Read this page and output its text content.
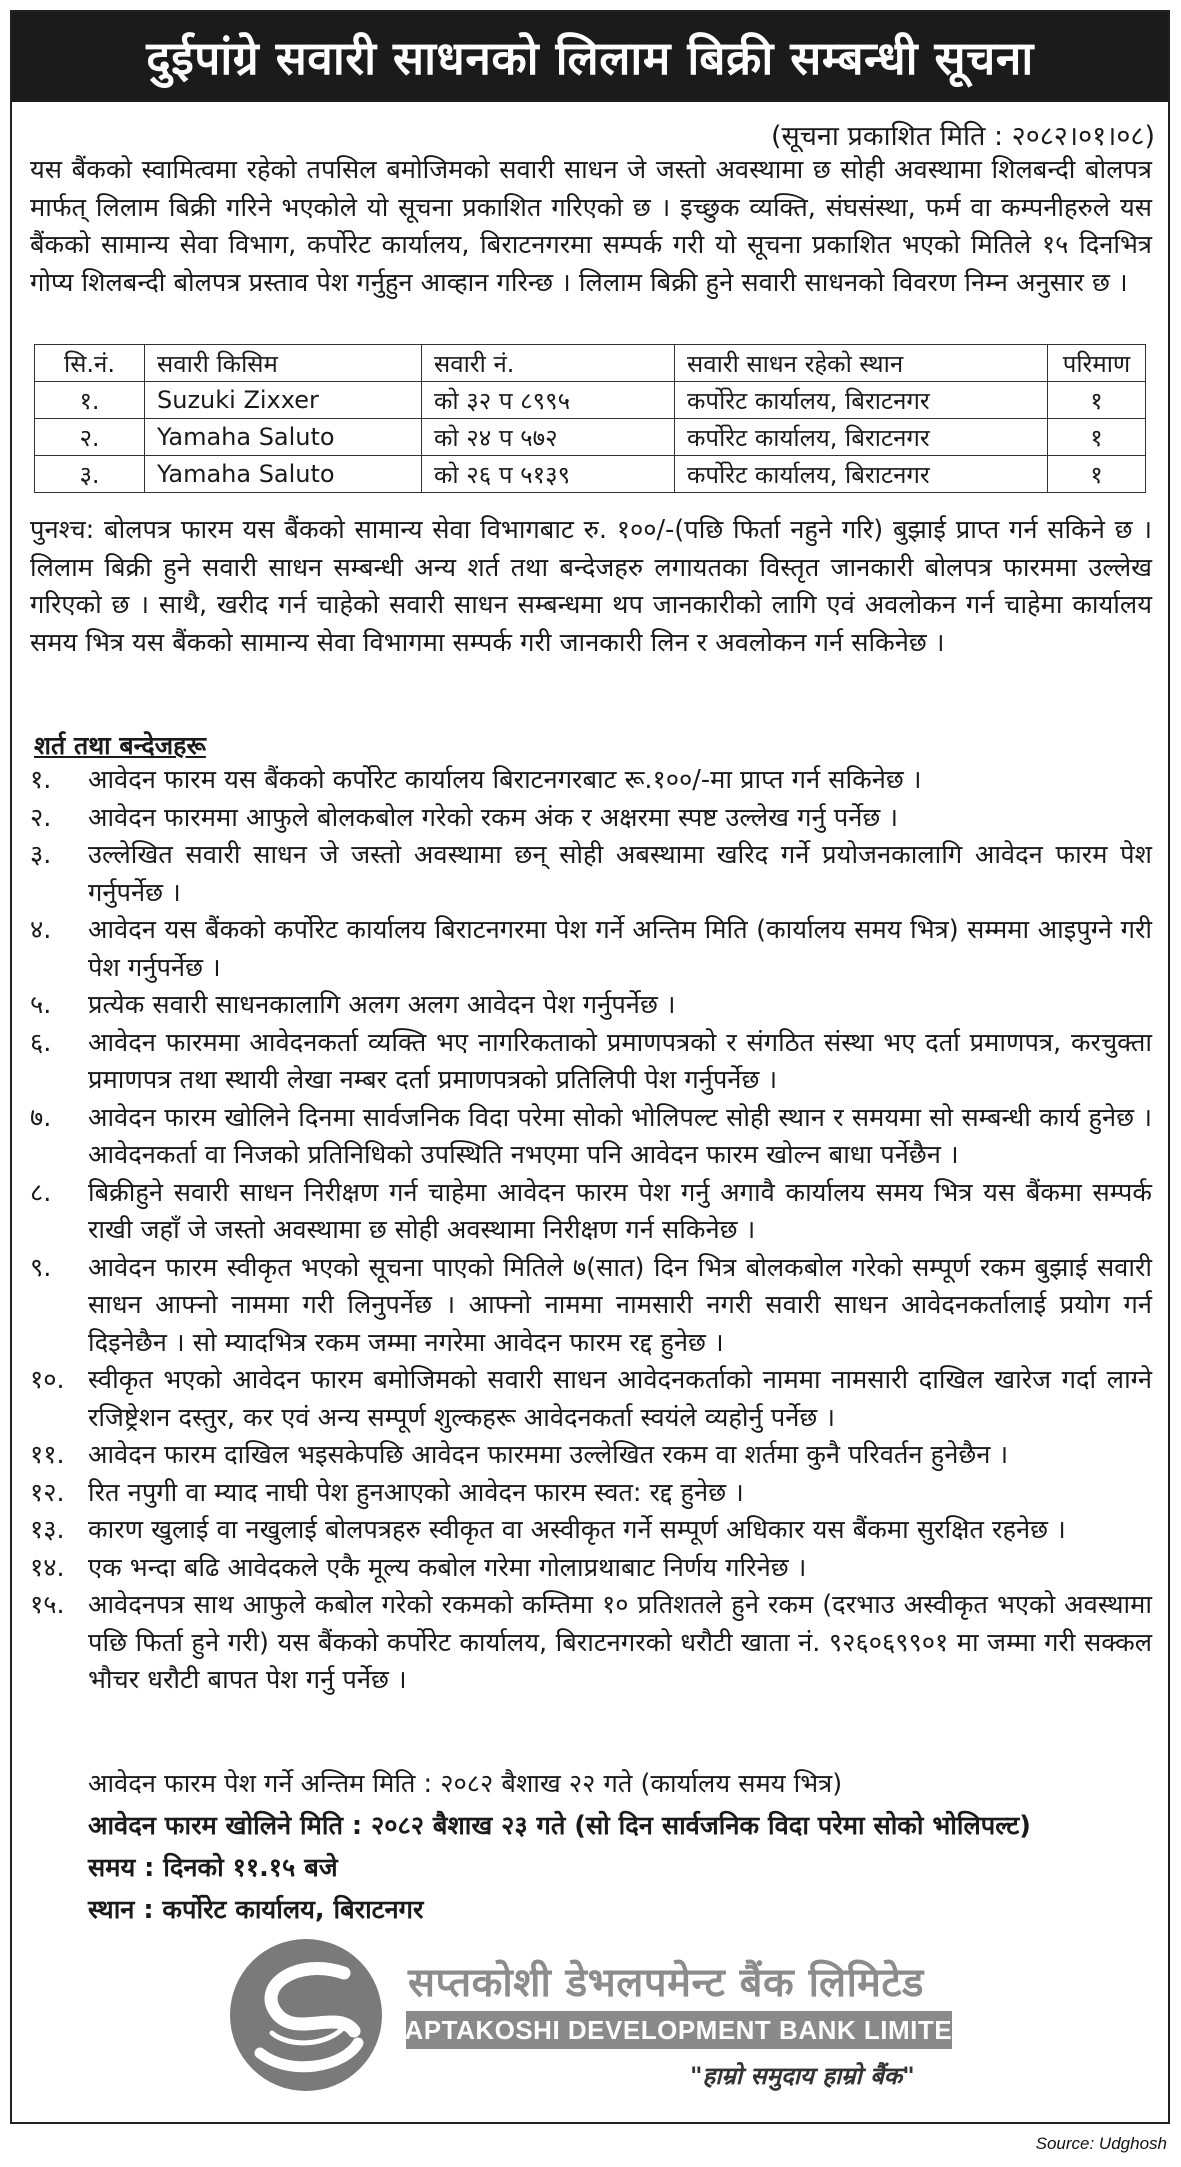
दुईपांग्रे सवारी साधनको लिलाम बिक्री सम्बन्धी सूचना
(सूचना प्रकाशित मिति : २०८२।०१।०८)

यस बैंकको स्वामित्वमा रहेको तपसिल बमोजिमको सवारी साधन जे जस्तो अवस्थामा छ सोही अवस्थामा शिलबन्दी बोलपत्र मार्फत् लिलाम बिक्री गरिने भएकोले यो सूचना प्रकाशित गरिएको छ । इच्छुक व्यक्ति, संघसंस्था, फर्म वा कम्पनीहरुले यस बैंकको सामान्य सेवा विभाग, कर्पोरेट कार्यालय, बिराटनगरमा सम्पर्क गरी यो सूचना प्रकाशित भएको मितिले १५ दिनभित्र गोप्य शिलबन्दी बोलपत्र प्रस्ताव पेश गर्नुहुन आव्हान गरिन्छ । लिलाम बिक्री हुने सवारी साधनको विवरण निम्न अनुसार छ ।

सि.नं.	सवारी किसिम	सवारी नं.	सवारी साधन रहेको स्थान	परिमाण
१.	Suzuki Zixxer	को ३२ प ८९९५	कर्पोरेट कार्यालय, बिराटनगर	१
२.	Yamaha Saluto	को २४ प ५७२	कर्पोरेट कार्यालय, बिराटनगर	१
३.	Yamaha Saluto	को २६ प ५१३९	कर्पोरेट कार्यालय, बिराटनगर	१

पुनश्च: बोलपत्र फारम यस बैंकको सामान्य सेवा विभागबाट रु. १००/-(पछि फिर्ता नहुने गरि) बुझाई प्राप्त गर्न सकिने छ । लिलाम बिक्री हुने सवारी साधन सम्बन्धी अन्य शर्त तथा बन्देजहरु लगायतका विस्तृत जानकारी बोलपत्र फारममा उल्लेख गरिएको छ । साथै, खरीद गर्न चाहेको सवारी साधन सम्बन्धमा थप जानकारीको लागि एवं अवलोकन गर्न चाहेमा कार्यालय समय भित्र यस बैंकको सामान्य सेवा विभागमा सम्पर्क गरी जानकारी लिन र अवलोकन गर्न सकिनेछ ।

शर्त तथा बन्देजहरू
१.	आवेदन फारम यस बैंकको कर्पोरेट कार्यालय बिराटनगरबाट रू.१००/-मा प्राप्त गर्न सकिनेछ ।
२.	आवेदन फारममा आफुले बोलकबोल गरेको रकम अंक र अक्षरमा स्पष्ट उल्लेख गर्नु पर्नेछ ।
३.	उल्लेखित सवारी साधन जे जस्तो अवस्थामा छन् सोही अबस्थामा खरिद गर्ने प्रयोजनकालागि आवेदन फारम पेश गर्नुपर्नेछ ।
४.	आवेदन यस बैंकको कर्पोरेट कार्यालय बिराटनगरमा पेश गर्ने अन्तिम मिति (कार्यालय समय भित्र) सम्ममा आइपुग्ने गरी पेश गर्नुपर्नेछ ।
५.	प्रत्येक सवारी साधनकालागि अलग अलग आवेदन पेश गर्नुपर्नेछ ।
६.	आवेदन फारममा आवेदनकर्ता व्यक्ति भए नागरिकताको प्रमाणपत्रको र संगठित संस्था भए दर्ता प्रमाणपत्र, करचुक्ता प्रमाणपत्र तथा स्थायी लेखा नम्बर दर्ता प्रमाणपत्रको प्रतिलिपी पेश गर्नुपर्नेछ ।
७.	आवेदन फारम खोलिने दिनमा सार्वजनिक विदा परेमा सोको भोलिपल्ट सोही स्थान र समयमा सो सम्बन्धी कार्य हुनेछ । आवेदनकर्ता वा निजको प्रतिनिधिको उपस्थिति नभएमा पनि आवेदन फारम खोल्न बाधा पर्नेछैन ।
८.	बिक्रीहुने सवारी साधन निरीक्षण गर्न चाहेमा आवेदन फारम पेश गर्नु अगावै कार्यालय समय भित्र यस बैंकमा सम्पर्क राखी जहाँ जे जस्तो अवस्थामा छ सोही अवस्थामा निरीक्षण गर्न सकिनेछ ।
९.	आवेदन फारम स्वीकृत भएको सूचना पाएको मितिले ७(सात) दिन भित्र बोलकबोल गरेको सम्पूर्ण रकम बुझाई सवारी साधन आफ्नो नाममा गरी लिनुपर्नेछ । आफ्नो नाममा नामसारी नगरी सवारी साधन आवेदनकर्तालाई प्रयोग गर्न दिइनेछैन । सो म्यादभित्र रकम जम्मा नगरेमा आवेदन फारम रद्द हुनेछ ।
१०. स्वीकृत भएको आवेदन फारम बमोजिमको सवारी साधन आवेदनकर्ताको नाममा नामसारी दाखिल खारेज गर्दा लाग्ने रजिष्ट्रेशन दस्तुर, कर एवं अन्य सम्पूर्ण शुल्कहरू आवेदनकर्ता स्वयंले व्यहोर्नु पर्नेछ ।
११. आवेदन फारम दाखिल भइसकेपछि आवेदन फारममा उल्लेखित रकम वा शर्तमा कुनै परिवर्तन हुनेछैन ।
१२. रित नपुगी वा म्याद नाघी पेश हुनआएको आवेदन फारम स्वत: रद्द हुनेछ ।
१३. कारण खुलाई वा नखुलाई बोलपत्रहरु स्वीकृत वा अस्वीकृत गर्ने सम्पूर्ण अधिकार यस बैंकमा सुरक्षित रहनेछ ।
१४. एक भन्दा बढि आवेदकले एकै मूल्य कबोल गरेमा गोलाप्रथाबाट निर्णय गरिनेछ ।
१५. आवेदनपत्र साथ आफुले कबोल गरेको रकमको कम्तिमा १० प्रतिशतले हुने रकम (दरभाउ अस्वीकृत भएको अवस्थामा पछि फिर्ता हुने गरी) यस बैंकको कर्पोरेट कार्यालय, बिराटनगरको धरौटी खाता नं. ९२६०६९९०१ मा जम्मा गरी सक्कल भौचर धरौटी बापत पेश गर्नु पर्नेछ ।
आवेदन फारम पेश गर्ने अन्तिम मिति : २०८२ बैशाख २२ गते (कार्यालय समय भित्र)
आवेदन फारम खोलिने मिति : २०८२ बैशाख २३ गते (सो दिन सार्वजनिक विदा परेमा सोको भोलिपल्ट)
समय : दिनको ११.१५ बजे
स्थान : कर्पोरेट कार्यालय, बिराटनगर
सप्तकोशी डेभलपमेन्ट बैंक लिमिटेड
SAPTAKOSHI DEVELOPMENT BANK LIMITED
"हाम्रो समुदाय हाम्रो बैंक"
Source: Udghosh
